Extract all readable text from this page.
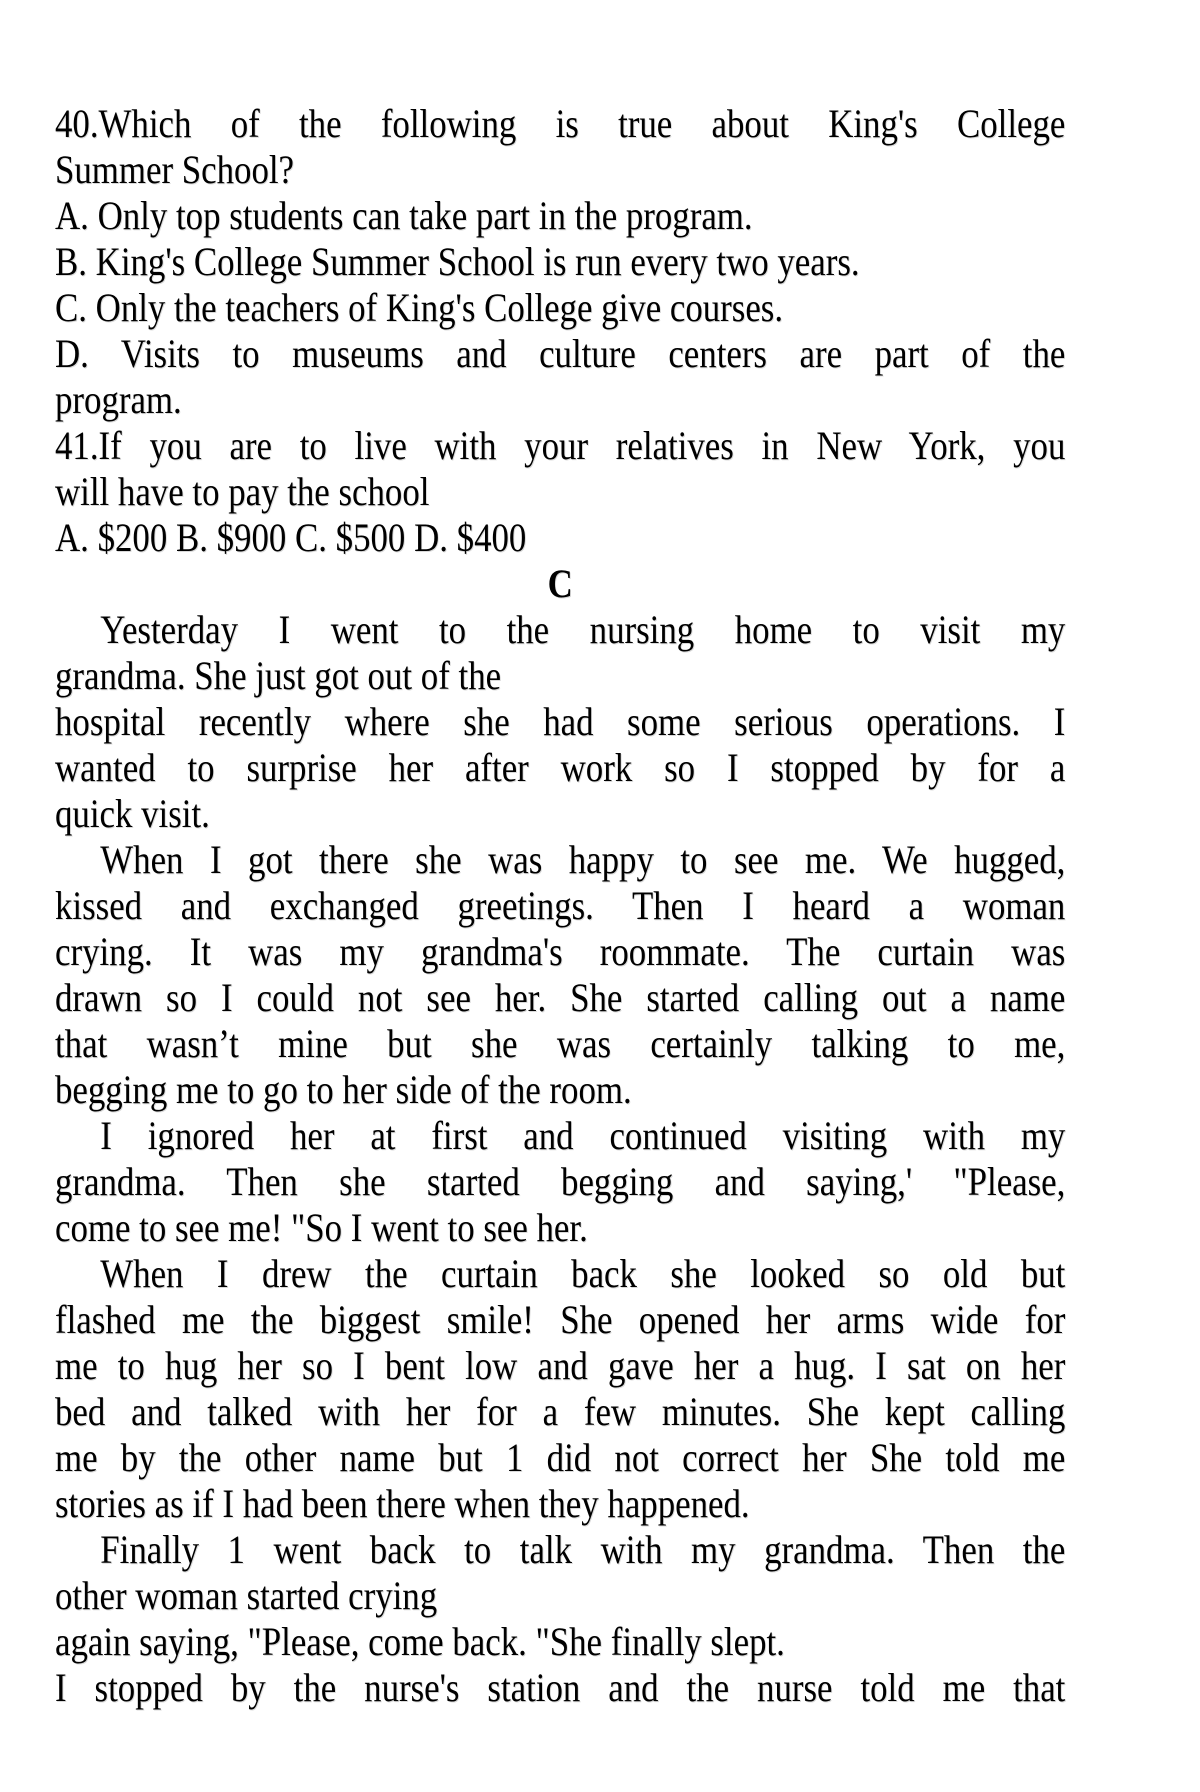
40.Which of the following is true about King's College
Summer School?
A. Only top students can take part in the program.
B. King's College Summer School is run every two years.
C. Only the teachers of King's College give courses.
D. Visits to museums and culture centers are part of the
program.
41.If you are to live with your relatives in New York, you
will have to pay the school
A. $200 B. $900 C. $500 D. $400
C
Yesterday I went to the nursing home to visit my
grandma. She just got out of the
hospital recently where she had some serious operations. I
wanted to surprise her after work so I stopped by for a
quick visit.
When I got there she was happy to see me. We hugged,
kissed and exchanged greetings. Then I heard a woman
crying. It was my grandma's roommate. The curtain was
drawn so I could not see her. She started calling out a name
that wasn’t mine but she was certainly talking to me,
begging me to go to her side of the room.
I ignored her at first and continued visiting with my
grandma. Then she started begging and saying,' "Please,
come to see me! "So I went to see her.
When I drew the curtain back she looked so old but
flashed me the biggest smile! She opened her arms wide for
me to hug her so I bent low and gave her a hug. I sat on her
bed and talked with her for a few minutes. She kept calling
me by the other name but 1 did not correct her She told me
stories as if I had been there when they happened.
Finally 1 went back to talk with my grandma. Then the
other woman started crying
again saying, "Please, come back. "She finally slept.
I stopped by the nurse's station and the nurse told me that
